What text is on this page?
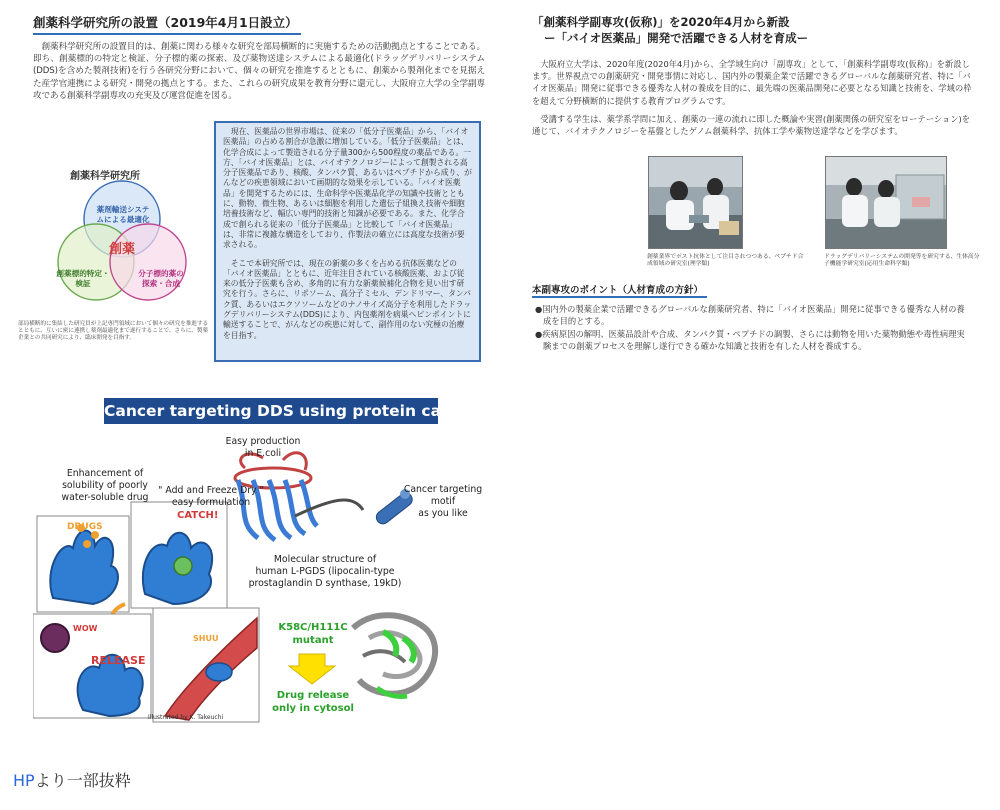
創薬科学研究所の設置（2019年4月1日設立）
　創薬科学研究所の設置目的は、創薬に関わる様々な研究を部局横断的に実施するための活動拠点とすることである。即ち、創薬標的の特定と検証、分子標的薬の探索、及び薬物送達システムによる最適化(ドラッグデリバリーシステム(DDS)を含めた製剤技術)を行う各研究分野において、個々の研究を推進するとともに、創薬から製剤化までを見据えた産学官連携による研究・開発の拠点とする。また、これらの研究成果を教育分野に還元し、大阪府立大学の全学副専攻である創薬科学副専攻の充実及び運営促進を図る。
創薬科学研究所
創薬
薬剤輸送システムによる最適化
創薬標的特定・検証
分子標的薬の探索・合成
部局横断的に集結した研究員が上記専門領域において個々の研究を推進するとともに、互いに密に連携し薬剤最適化まで遂行することで、さらに、製薬企業との共同研究により、臨床開発を目指す。

現在、医薬品の世界市場は、従来の「低分子医薬品」から、「バイオ医薬品」の占める割合が急激に増加している。「低分子医薬品」とは、化学合成によって製造される分子量300から500程度の薬品である。一方、「バイオ医薬品」とは、バイオテクノロジーによって創製される高分子医薬品であり、核酸、タンパク質、あるいはペプチドから成り、がんなどの疾患領域において画期的な効果を示している。「バイオ医薬品」を開発するためには、生命科学や医薬品化学の知識や技術とともに、動物、微生物、あるいは細胞を利用した遺伝子組換え技術や細胞培養技術など、幅広い専門的技術と知識が必要である。また、化学合成で創られる従来の「低分子医薬品」と比較して「バイオ医薬品」は、非常に複雑な構造をしており、作製法の確立には高度な技術が要求される。

そこで本研究所では、現在の新薬の多くを占める抗体医薬などの「バイオ医薬品」とともに、近年注目されている核酸医薬、および従来の低分子医薬も含め、多角的に有力な新薬候補化合物を見い出す研究を行う。さらに、リポソーム、高分子ミセル、デンドリマー、タンパク質、あるいはエクソソームなどのナノサイズ高分子を利用したドラッグデリバリーシステム(DDS)により、内包薬剤を病巣へピンポイントに輸送することで、がんなどの疾患に対して、副作用のない究極の治療を目指す。

「創薬科学副専攻(仮称)」を2020年4月から新設
ー「バイオ医薬品」開発で活躍できる人材を育成ー
大阪府立大学は、2020年度(2020年4月)から、全学域生向け「副専攻」として、「創薬科学副専攻(仮称)」を新設します。世界視点での創薬研究・開発事情に対応し、国内外の製薬企業で活躍できるグローバルな創薬研究者、特に「バイオ医薬品」開発に従事できる優秀な人材の養成を目的に、最先端の医薬品開発に必要となる知識と技術を、学域の枠を超えて分野横断的に提供する教育プログラムです。
受講する学生は、薬学系学問に加え、創薬の一連の流れに即した概論や実習(創薬関係の研究室をローテーション)を通じて、バイオテクノロジーを基盤としたゲノム創薬科学、抗体工学や薬物送達学などを学びます。
創薬業界でポスト抗体として注目されつつある、ペプチド合成領域の研究室(理学類)
ドラッグデリバリーシステムの開発等を研究する、生体高分子機能学研究室(応用生命科学類)
本副専攻のポイント（人材育成の方針）
●国内外の製薬企業で活躍できるグローバルな創薬研究者、特に「バイオ医薬品」開発に従事できる優秀な人材の養成を目的とする。
●疾病原因の解明、医薬品設計や合成、タンパク質・ペプチドの調製、さらには動物を用いた薬物動態や毒性病理実験までの創薬プロセスを理解し遂行できる確かな知識と技術を有した人材を養成する。
Cancer targeting DDS using protein carrier
Easy production
in E.coli
Enhancement of
solubility of poorly
water-soluble drug
" Add and Freeze Dry "
easy formulation
Cancer targeting
motif
as you like
Molecular structure of
human L-PGDS (lipocalin-type
prostaglandin D synthase, 19kD)
K58C/H111C
mutant
Drug release
only in cytosol
DRUGS
CATCH!
WOW
RELEASE
SHUU
Illustrated by K. Takeuchi
HPより一部抜粋
